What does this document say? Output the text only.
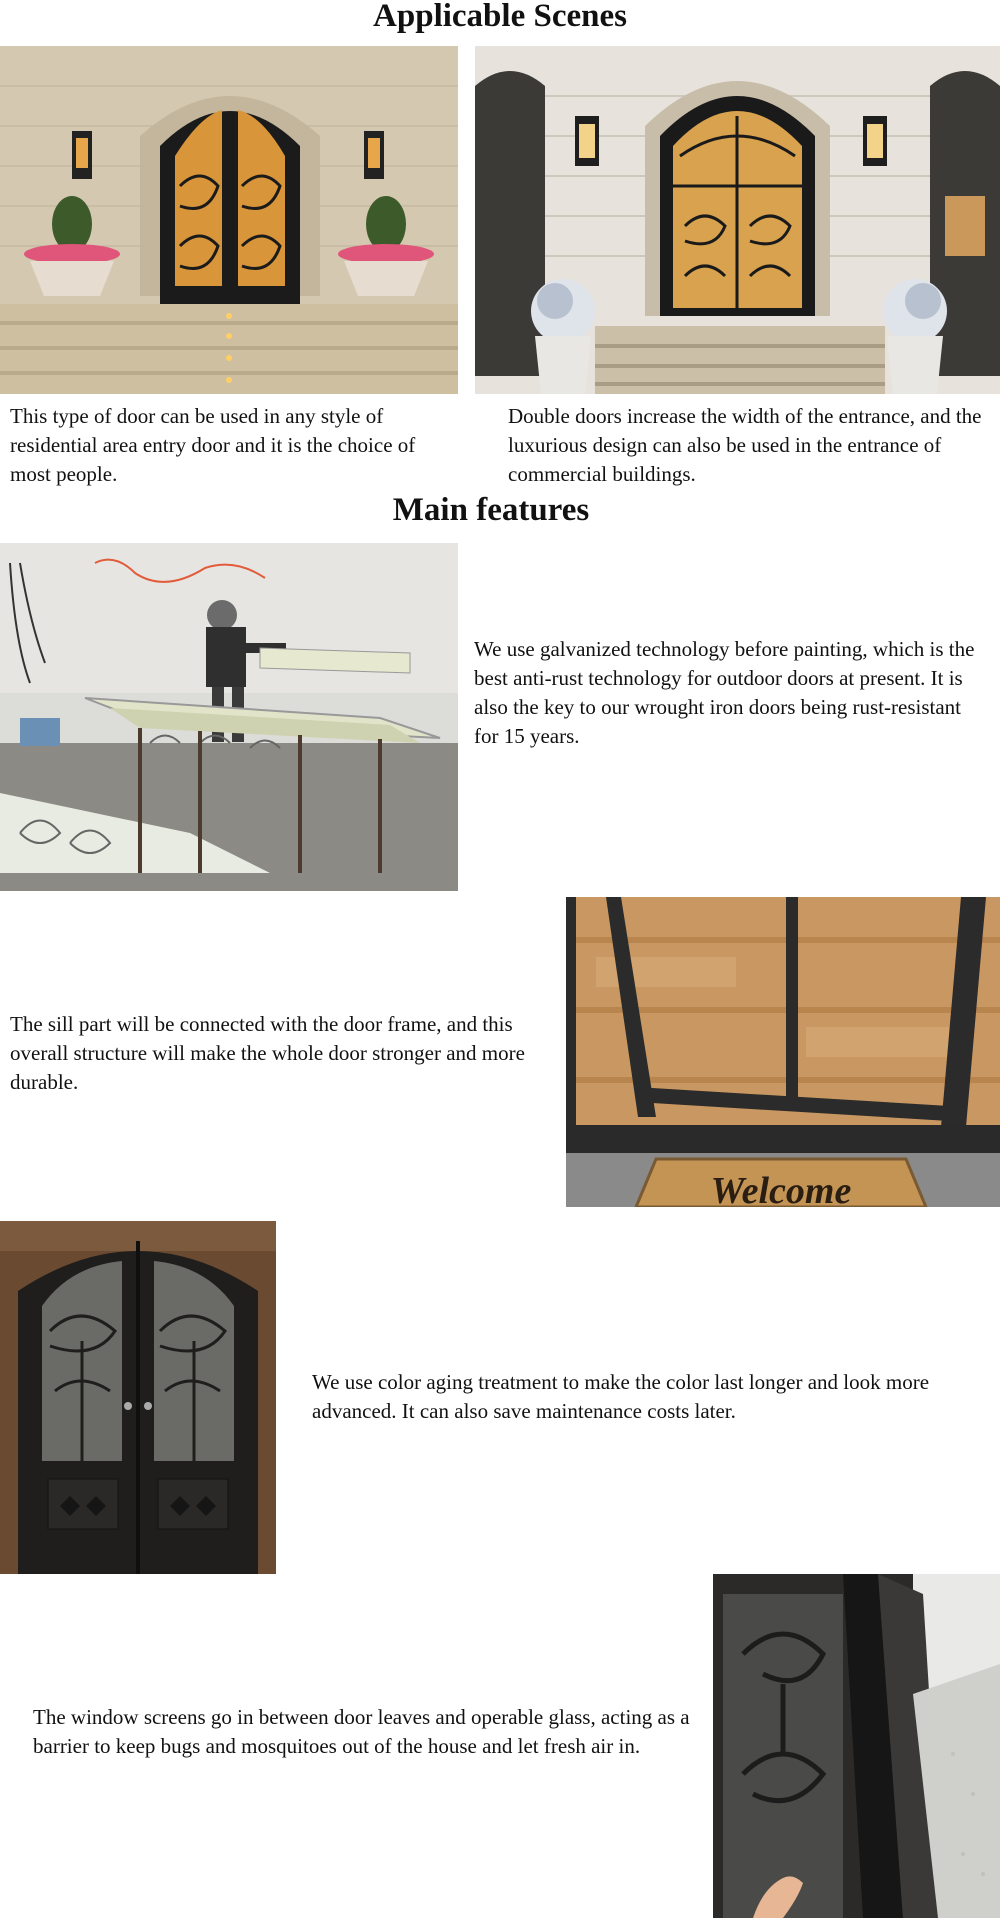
Applicable Scenes
This type of door can be used in any style of residential area entry door and it is the choice of most people.
Double doors increase the width of the entrance, and the luxurious design can also be used in the entrance of commercial buildings.
Main features
We use galvanized technology before painting, which is the best anti-rust technology for outdoor doors at present. It is also the key to our wrought iron doors being rust-resistant for 15 years.
The sill part will be connected with the door frame, and this overall structure will make the whole door stronger and more durable.
Welcome
We use color aging treatment to make the color last longer and look more advanced. It can also save maintenance costs later.
The window screens go in between door leaves and operable glass, acting as a barrier to keep bugs and mosquitoes out of the house and let fresh air in.
